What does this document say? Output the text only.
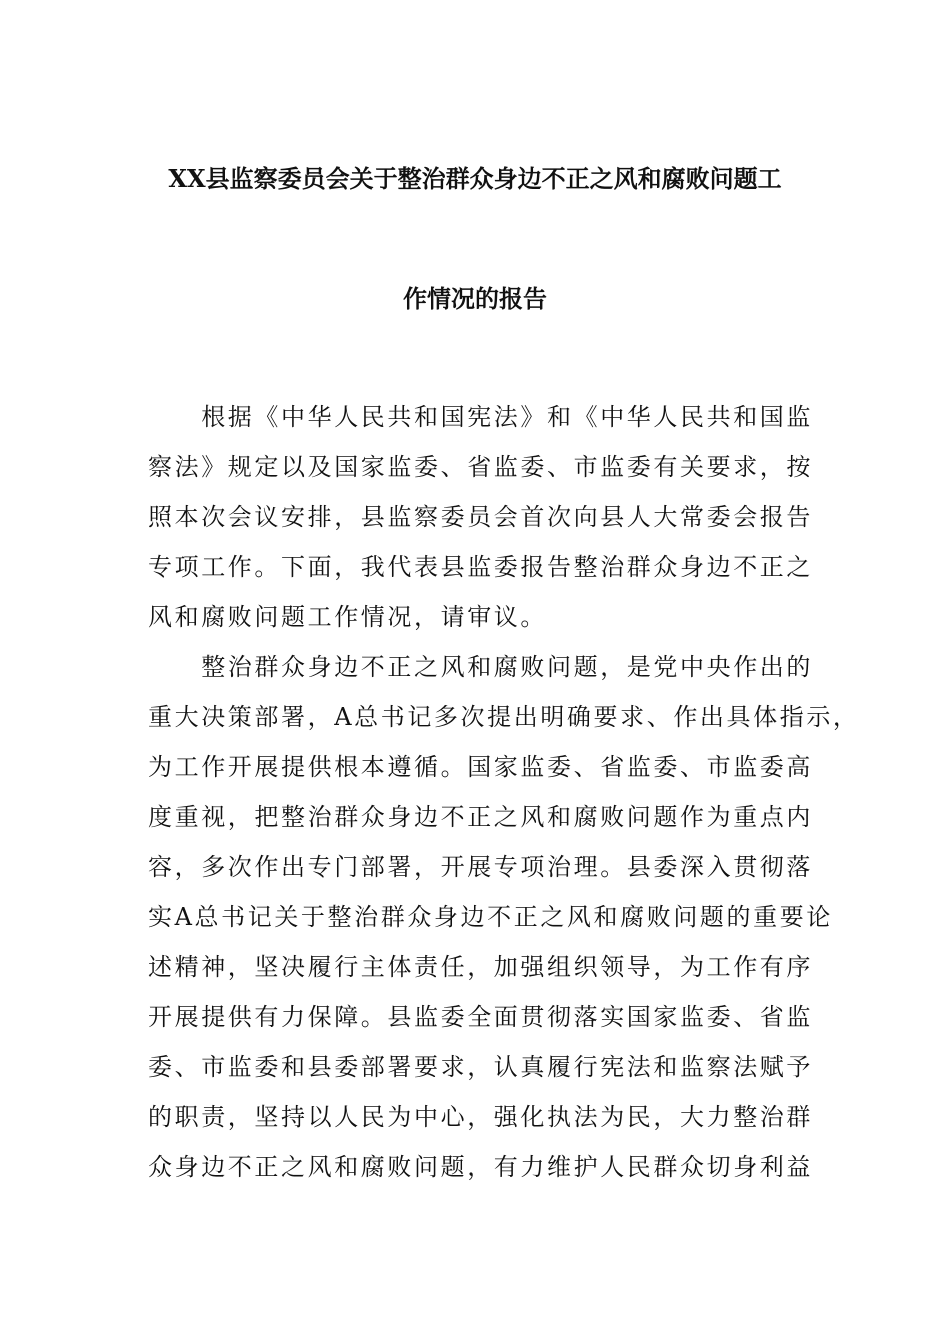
XX县监察委员会关于整治群众身边不正之风和腐败问题工
作情况的报告
　　根据《中华人民共和国宪法》和《中华人民共和国监
察法》规定以及国家监委、省监委、市监委有关要求，按
照本次会议安排，县监察委员会首次向县人大常委会报告
专项工作。下面，我代表县监委报告整治群众身边不正之
风和腐败问题工作情况，请审议。
　　整治群众身边不正之风和腐败问题，是党中央作出的
重大决策部署，A总书记多次提出明确要求、作出具体指示，
为工作开展提供根本遵循。国家监委、省监委、市监委高
度重视，把整治群众身边不正之风和腐败问题作为重点内
容，多次作出专门部署，开展专项治理。县委深入贯彻落
实A总书记关于整治群众身边不正之风和腐败问题的重要论
述精神，坚决履行主体责任，加强组织领导，为工作有序
开展提供有力保障。县监委全面贯彻落实国家监委、省监
委、市监委和县委部署要求，认真履行宪法和监察法赋予
的职责，坚持以人民为中心，强化执法为民，大力整治群
众身边不正之风和腐败问题，有力维护人民群众切身利益
